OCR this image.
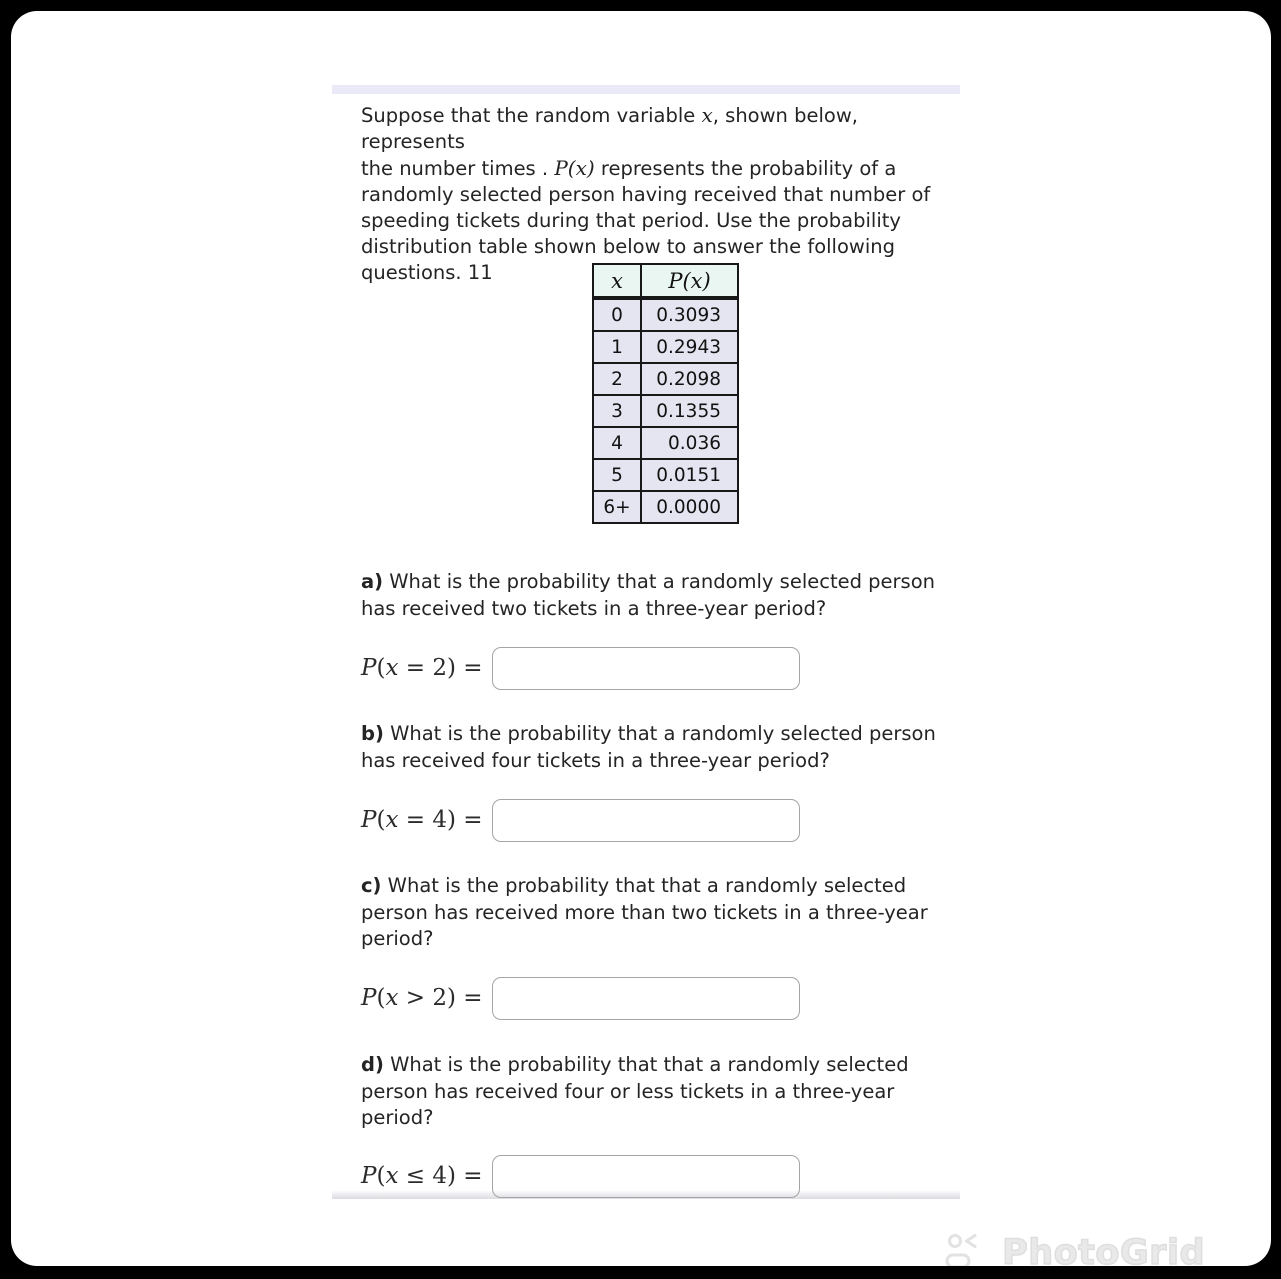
Suppose that the random variable x, shown below, represents
the number times . P(x) represents the probability of a
randomly selected person having received that number of
speeding tickets during that period. Use the probability
distribution table shown below to answer the following
questions. 11	x	P(x)
0	0.3093
1	0.2943
2	0.2098
3	0.1355
4	0.036
5	0.0151
6+	0.0000
a) What is the probability that a randomly selected person
has received two tickets in a three-year period?
P(x = 2) =
b) What is the probability that a randomly selected person
has received four tickets in a three-year period?
P(x = 4) =
c) What is the probability that that a randomly selected
person has received more than two tickets in a three-year
period?
P(x > 2) =
d) What is the probability that that a randomly selected
person has received four or less tickets in a three-year
period?
P(x ≤ 4) =
PhotoGrid
